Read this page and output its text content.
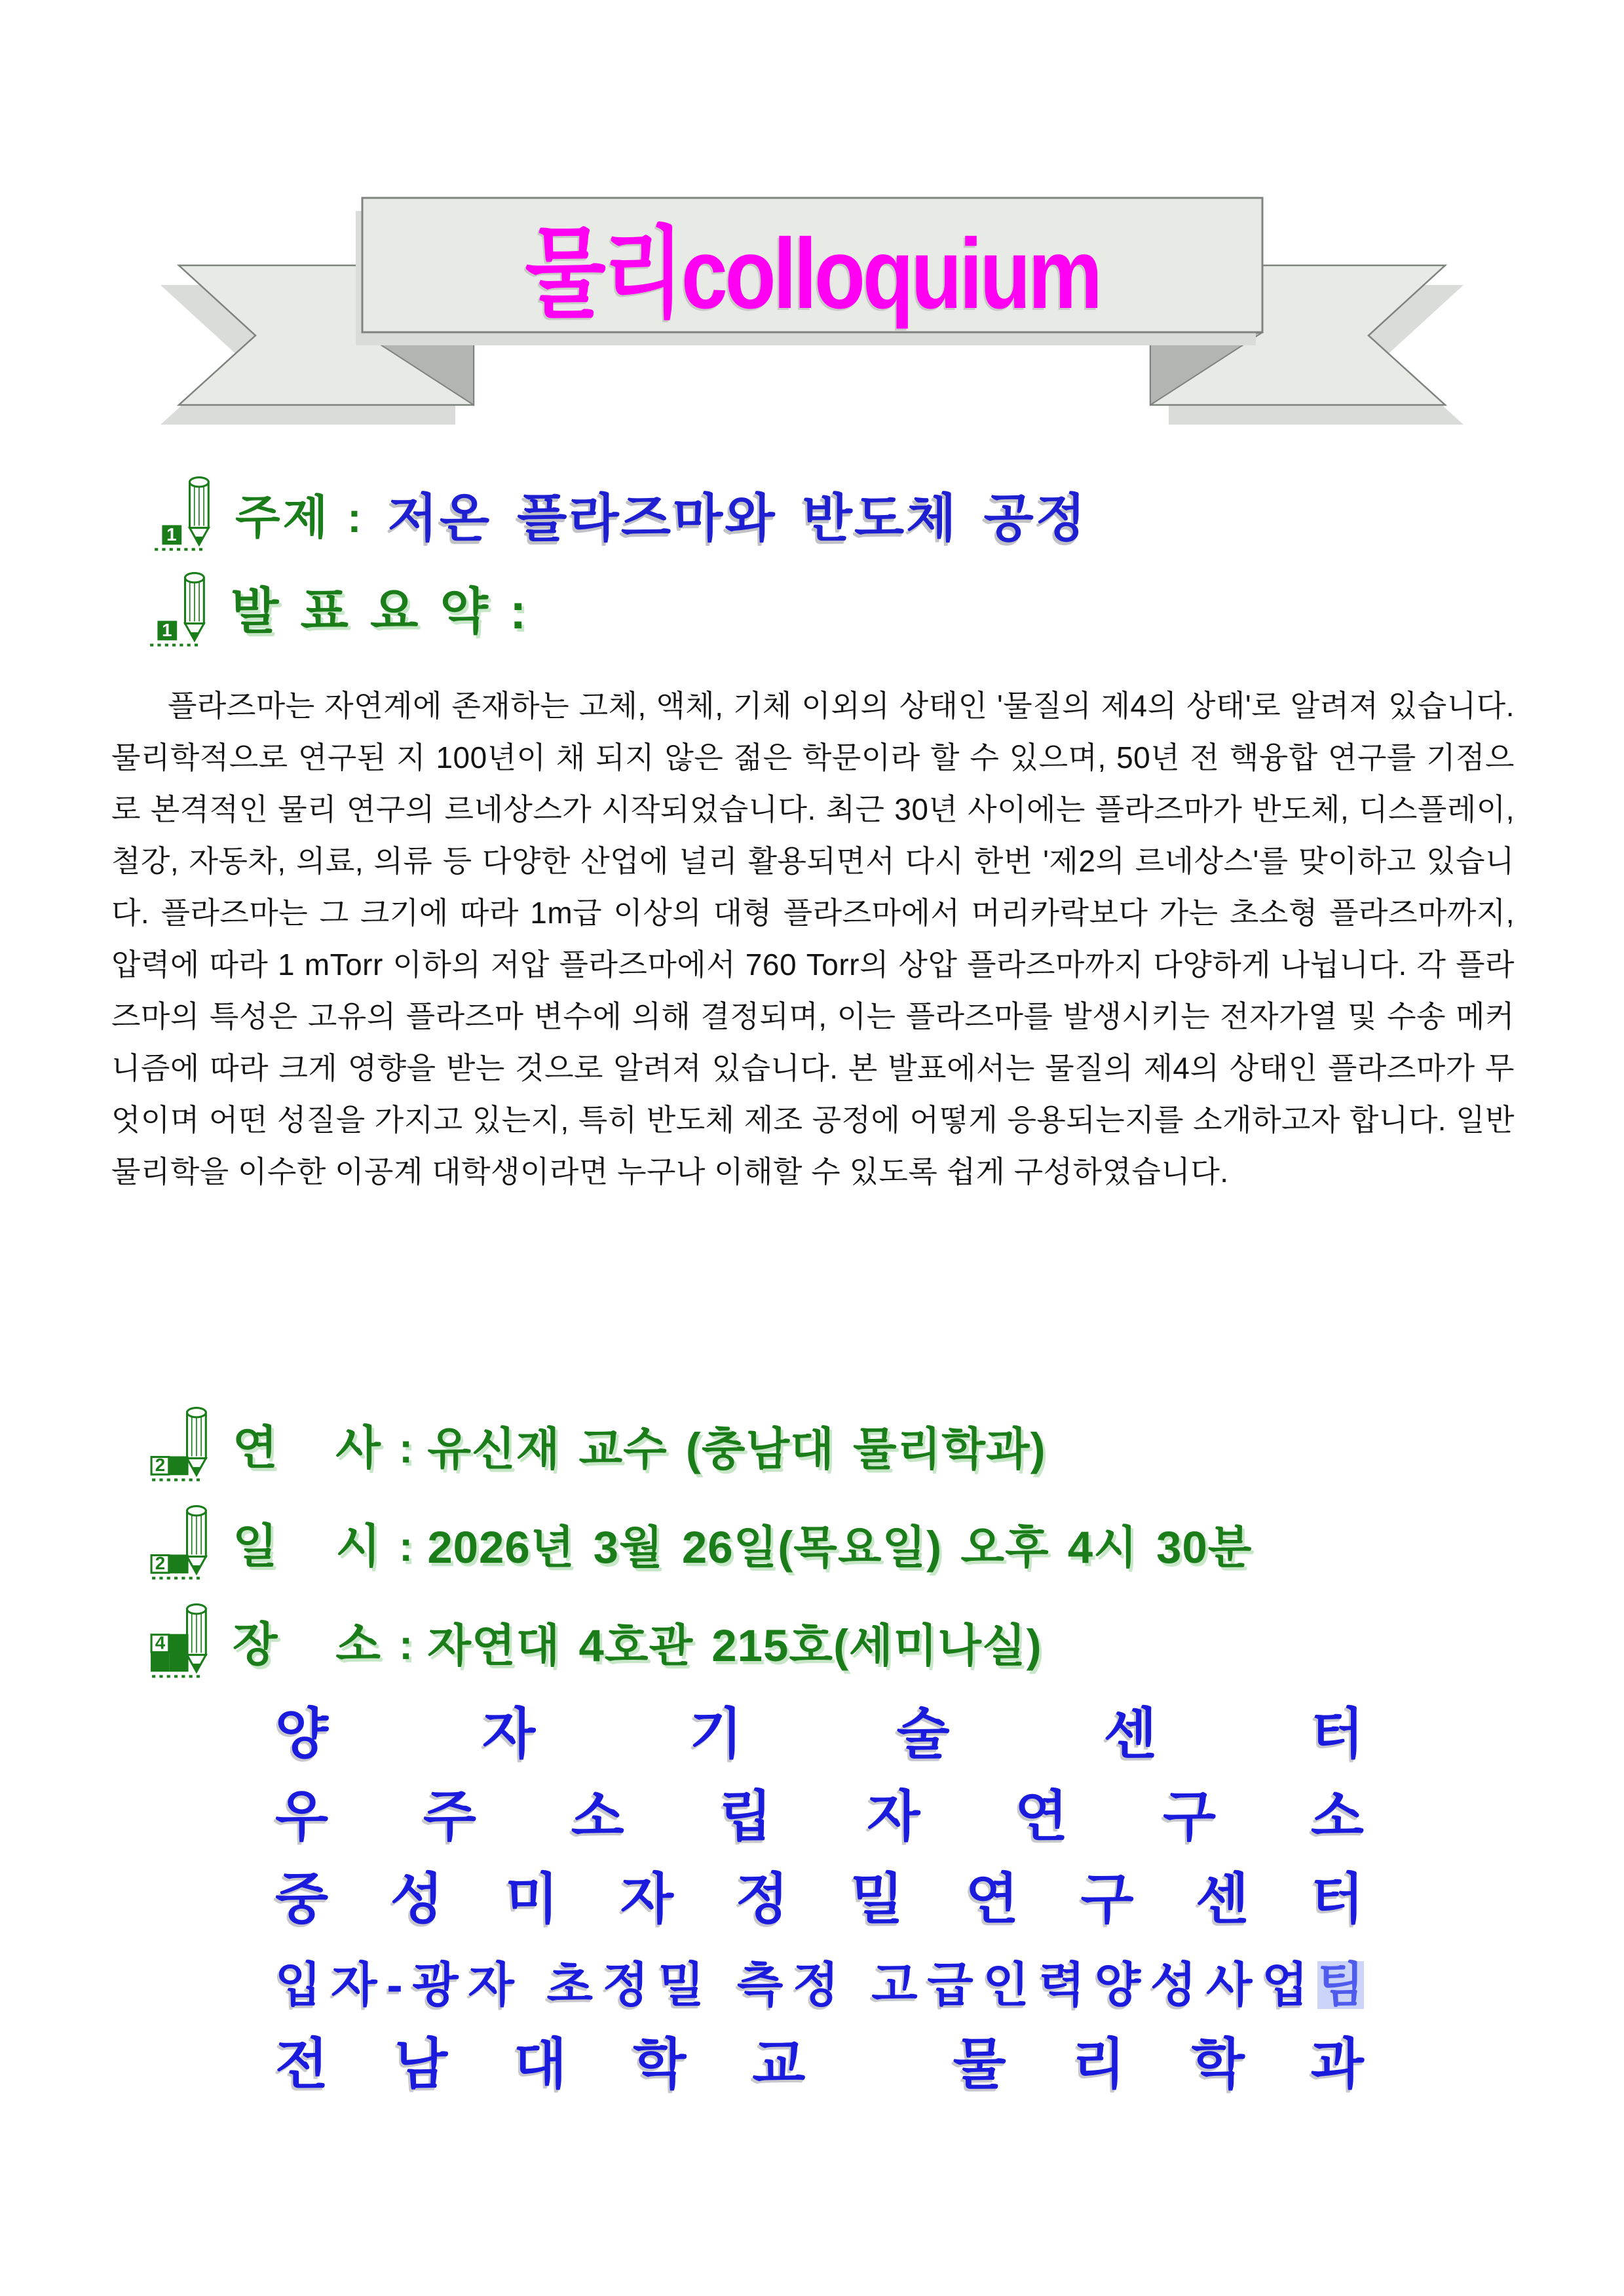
물리colloquium
1 주제 : 저온 플라즈마와 반도체 공정
1 발 표 요 약 :

플라즈마는 자연계에 존재하는 고체, 액체, 기체 이외의 상태인 '물질의 제4의 상태'로 알려져 있습니다. 물리학적으로 연구된 지 100년이 채 되지 않은 젊은 학문이라 할 수 있으며, 50년 전 핵융합 연구를 기점으로 본격적인 물리 연구의 르네상스가 시작되었습니다. 최근 30년 사이에는 플라즈마가 반도체, 디스플레이, 철강, 자동차, 의료, 의류 등 다양한 산업에 널리 활용되면서 다시 한번 '제2의 르네상스'를 맞이하고 있습니다. 플라즈마는 그 크기에 따라 1m급 이상의 대형 플라즈마에서 머리카락보다 가는 초소형 플라즈마까지, 압력에 따라 1 mTorr 이하의 저압 플라즈마에서 760 Torr의 상압 플라즈마까지 다양하게 나뉩니다. 각 플라즈마의 특성은 고유의 플라즈마 변수에 의해 결정되며, 이는 플라즈마를 발생시키는 전자가열 및 수송 메커니즘에 따라 크게 영향을 받는 것으로 알려져 있습니다. 본 발표에서는 물질의 제4의 상태인 플라즈마가 무엇이며 어떤 성질을 가지고 있는지, 특히 반도체 제조 공정에 어떻게 응용되는지를 소개하고자 합니다. 일반물리학을 이수한 이공계 대학생이라면 누구나 이해할 수 있도록 쉽게 구성하였습니다.

2 연 사 : 유신재 교수 (충남대 물리학과)
2 일 시 : 2026년 3월 26일(목요일) 오후 4시 30분
4 장 소 : 자연대 4호관 215호(세미나실)
양	자	기	술	센	터
우 주 소 립 자 연 구 소
중 성 미 자 정 밀 연 구 센 터
입 자 - 광 자
초 정 밀
측 정
고 급 인 력 양 성 사 업 팀
전 남 대 학 교
	물 리 학 과
